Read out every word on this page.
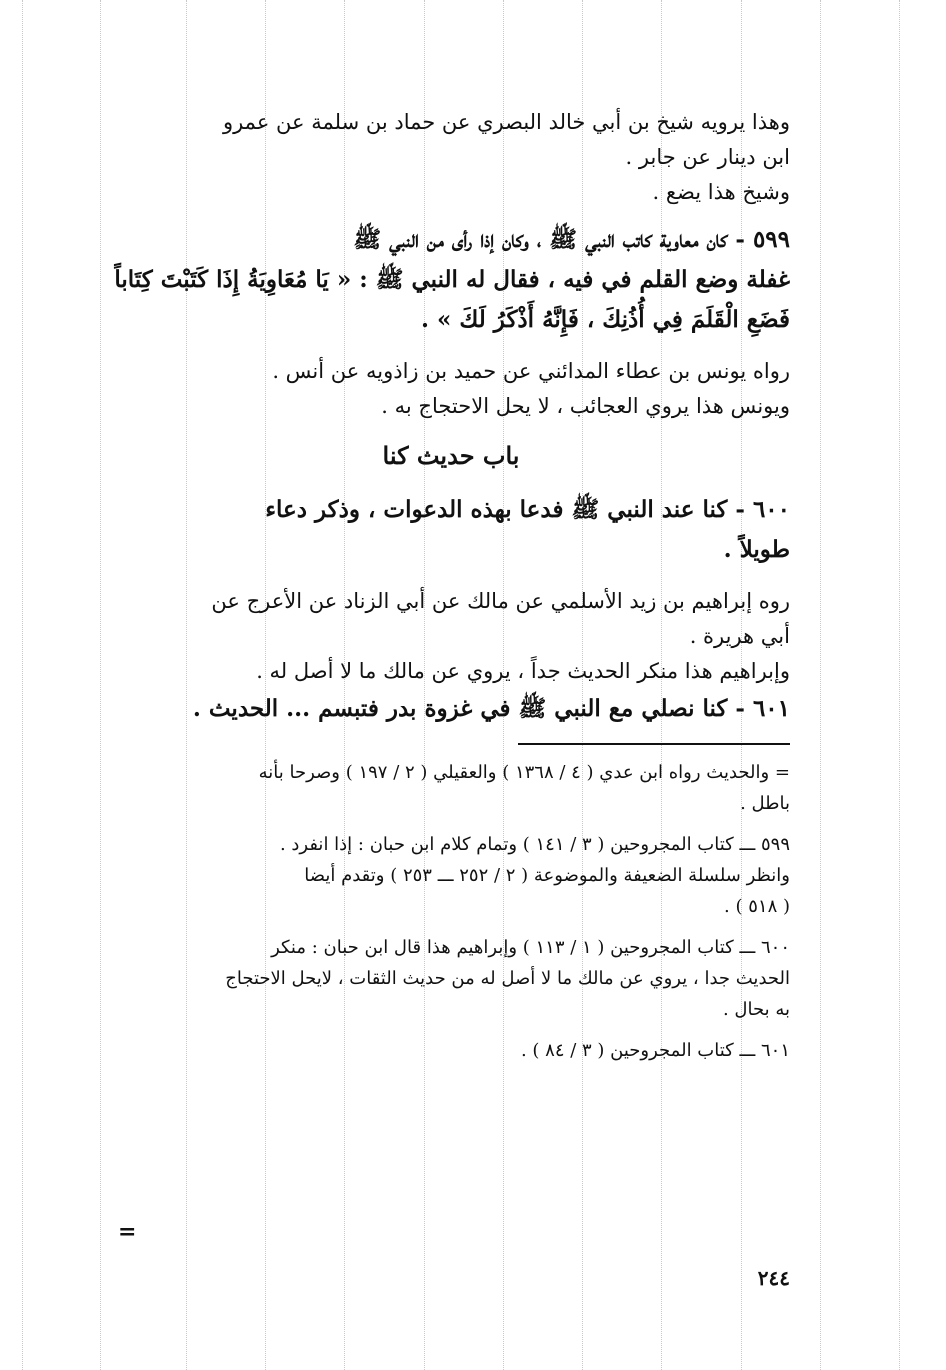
وهذا يرويه شيخ بن أبي خالد البصري عن حماد بن سلمة عن عمرو

ابن دينار عن جابر .

وشيخ هذا يضع .

٥٩٩ - كان معاوية كاتب النبي ﷺ ، وكان إذا رأى من النبي ﷺ

غفلة وضع القلم في فيه ، فقال له النبي ﷺ : « يَا مُعَاوِيَةُ إِذَا كَتَبْتَ كِتَاباً

فَضَعِ الْقَلَمَ فِي أُذُنِكَ ، فَإِنَّهُ أَذْكَرُ لَكَ » .

رواه يونس بن عطاء المدائني عن حميد بن زاذويه عن أنس .

ويونس هذا يروي العجائب ، لا يحل الاحتجاج به .

باب حديث كنا

٦٠٠ - كنا عند النبي ﷺ فدعا بهذه الدعوات ، وذكر دعاء

طويلاً .

روه إبراهيم بن زيد الأسلمي عن مالك عن أبي الزناد عن الأعرج عن

أبي هريرة .

وإبراهيم هذا منكر الحديث جداً ، يروي عن مالك ما لا أصل له .

٦٠١ - كنا نصلي مع النبي ﷺ في غزوة بدر فتبسم ... الحديث .

= والحديث رواه ابن عدي ( ٤ / ١٣٦٨ ) والعقيلي ( ٢ / ١٩٧ ) وصرحا بأنه

باطل .

٥٩٩ ـــ كتاب المجروحين ( ٣ / ١٤١ ) وتمام كلام ابن حبان : إذا انفرد .

وانظر سلسلة الضعيفة والموضوعة ( ٢ / ٢٥٢ ـــ ٢٥٣ ) وتقدم أيضا

( ٥١٨ ) .

٦٠٠ ـــ كتاب المجروحين ( ١ / ١١٣ ) وإبراهيم هذا قال ابن حبان : منكر

الحديث جدا ، يروي عن مالك ما لا أصل له من حديث الثقات ، لايحل الاحتجاج

به بحال .

٦٠١ ـــ كتاب المجروحين ( ٣ / ٨٤ ) .

=
٢٤٤
